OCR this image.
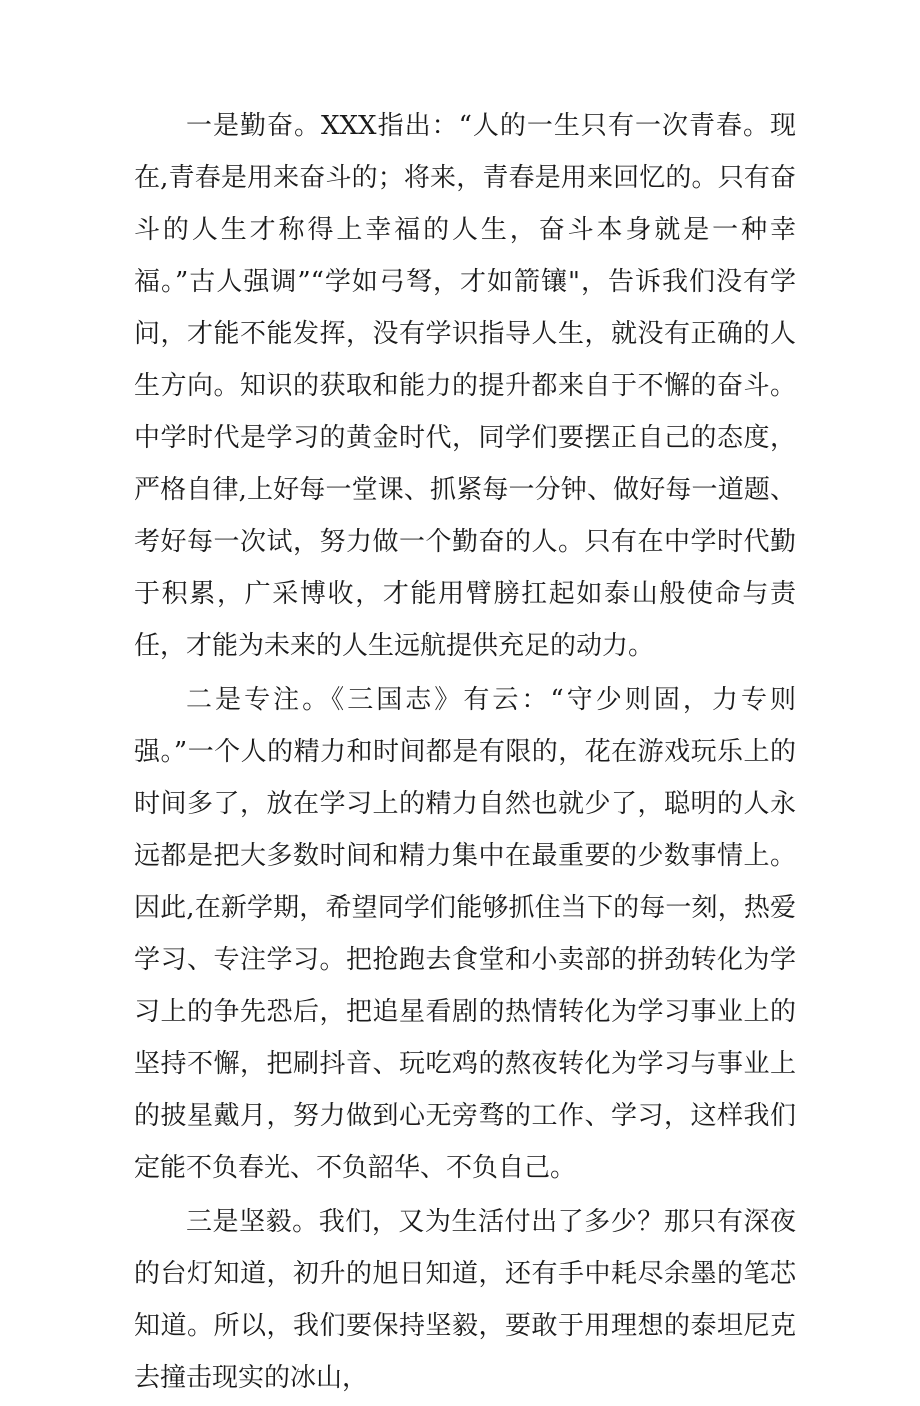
一是勤奋。XXX指出：“人的一生只有一次青春。现在,青春是用来奋斗的；将来，青春是用来回忆的。只有奋斗的人生才称得上幸福的人生，奋斗本身就是一种幸福。”古人强调”“学如弓弩，才如箭镶"，告诉我们没有学问，才能不能发挥，没有学识指导人生，就没有正确的人生方向。知识的获取和能力的提升都来自于不懈的奋斗。中学时代是学习的黄金时代，同学们要摆正自己的态度，严格自律,上好每一堂课、抓紧每一分钟、做好每一道题、考好每一次试，努力做一个勤奋的人。只有在中学时代勤于积累，广采博收，才能用臂膀扛起如泰山般使命与责任，才能为未来的人生远航提供充足的动力。

二是专注。《三国志》有云：“守少则固，力专则强。”一个人的精力和时间都是有限的，花在游戏玩乐上的时间多了，放在学习上的精力自然也就少了，聪明的人永远都是把大多数时间和精力集中在最重要的少数事情上。因此,在新学期，希望同学们能够抓住当下的每一刻，热爱学习、专注学习。把抢跑去食堂和小卖部的拼劲转化为学习上的争先恐后，把追星看剧的热情转化为学习事业上的坚持不懈，把刷抖音、玩吃鸡的熬夜转化为学习与事业上的披星戴月，努力做到心无旁骛的工作、学习，这样我们定能不负春光、不负韶华、不负自己。

三是坚毅。我们，又为生活付出了多少？那只有深夜的台灯知道，初升的旭日知道，还有手中耗尽余墨的笔芯知道。所以，我们要保持坚毅，要敢于用理想的泰坦尼克去撞击现实的冰山，
